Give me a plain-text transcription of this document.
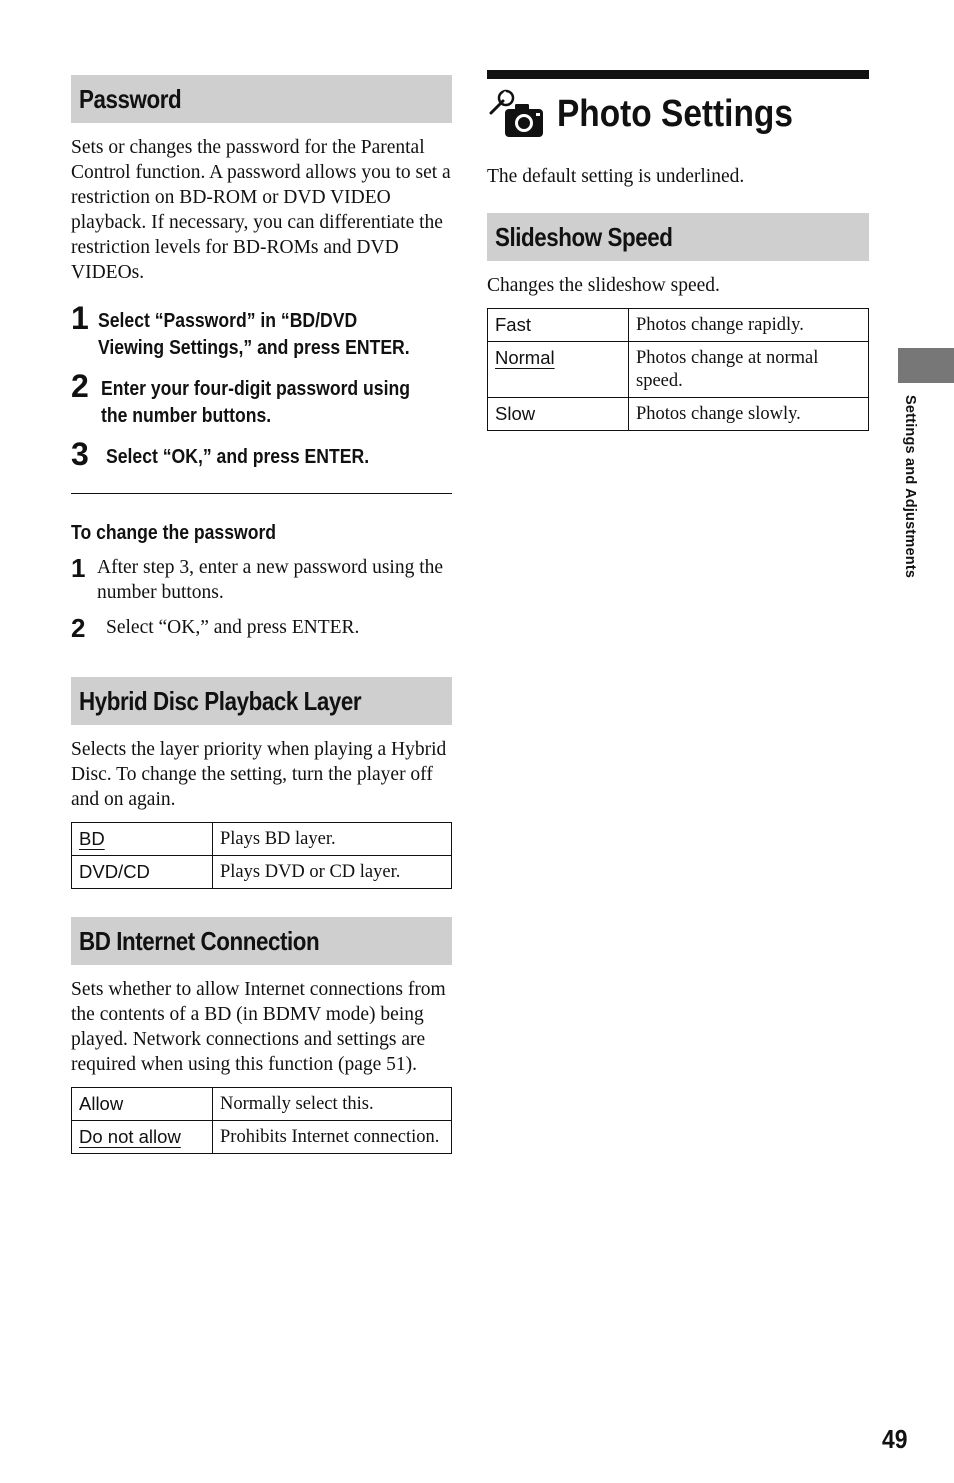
Password
Sets or changes the password for the Parental Control function. A password allows you to set a restriction on BD-ROM or DVD VIDEO playback. If necessary, you can differentiate the restriction levels for BD-ROMs and DVD VIDEOs.
1 Select “Password” in “BD/DVD
Viewing Settings,” and press ENTER.
2 Enter your four-digit password using
the number buttons.
3 Select “OK,” and press ENTER.
To change the password
1 After step 3, enter a new password using the number buttons.
2	Select “OK,” and press ENTER.
Hybrid Disc Playback Layer
Selects the layer priority when playing a Hybrid Disc. To change the setting, turn the player off and on again.
BD	Plays BD layer.
DVD/CD	Plays DVD or CD layer.
BD Internet Connection
Sets whether to allow Internet connections from the contents of a BD (in BDMV mode) being played. Network connections and settings are required when using this function (page 51).
Allow	Normally select this.
Do not allow	Prohibits Internet connection.
Photo Settings
The default setting is underlined.
Slideshow Speed
Changes the slideshow speed.
Fast	Photos change rapidly.
Normal	Photos change at normal speed.
Slow	Photos change slowly.	Settings and Adjustments
49
